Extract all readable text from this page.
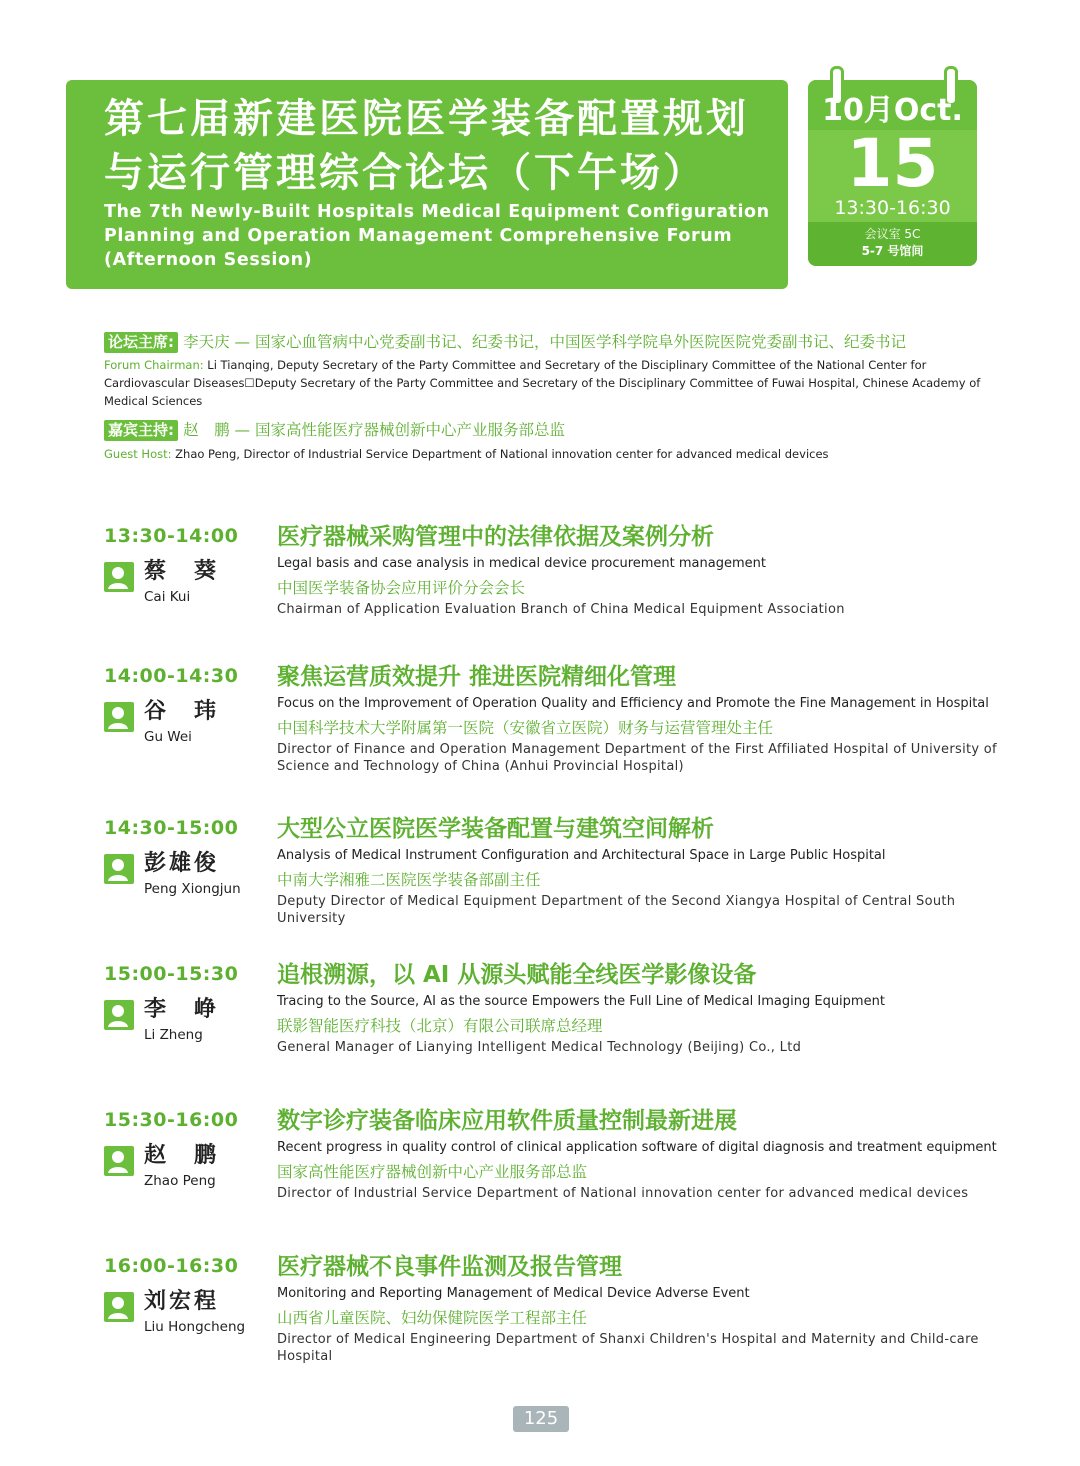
第七届新建医院医学装备配置规划与运行管理综合论坛（下午场）
The 7th Newly-Built Hospitals Medical Equipment Configuration Planning and Operation Management Comprehensive Forum (Afternoon Session)
10月Oct.
15
13:30-16:30
会议室 5C
5-7 号馆间
论坛主席: 李天庆 — 国家心血管病中心党委副书记、纪委书记，中国医学科学院阜外医院医院党委副书记、纪委书记
Forum Chairman: Li Tianqing, Deputy Secretary of the Party Committee and Secretary of the Disciplinary Committee of the National Center for Cardiovascular Diseases☐Deputy Secretary of the Party Committee and Secretary of the Disciplinary Committee of Fuwai Hospital, Chinese Academy of Medical Sciences
嘉宾主持: 赵　鹏 — 国家高性能医疗器械创新中心产业服务部总监
Guest Host: Zhao Peng, Director of Industrial Service Department of National innovation center for advanced medical devices
13:30-14:00
蔡　葵
Cai Kui
医疗器械采购管理中的法律依据及案例分析
Legal basis and case analysis in medical device procurement management
中国医学装备协会应用评价分会会长
Chairman of Application Evaluation Branch of China Medical Equipment Association
14:00-14:30
谷　玮
Gu Wei
聚焦运营质效提升 推进医院精细化管理
Focus on the Improvement of Operation Quality and Efficiency and Promote the Fine Management in Hospital
中国科学技术大学附属第一医院（安徽省立医院）财务与运营管理处主任
Director of Finance and Operation Management Department of the First Affiliated Hospital of University of Science and Technology of China (Anhui Provincial Hospital)
14:30-15:00
彭雄俊
Peng Xiongjun
大型公立医院医学装备配置与建筑空间解析
Analysis of Medical Instrument Configuration and Architectural Space in Large Public Hospital
中南大学湘雅二医院医学装备部副主任
Deputy Director of Medical Equipment Department of the Second Xiangya Hospital of Central South University
15:00-15:30
李　峥
Li Zheng
追根溯源，以 AI 从源头赋能全线医学影像设备
Tracing to the Source, AI as the source Empowers the Full Line of Medical Imaging Equipment
联影智能医疗科技（北京）有限公司联席总经理
General Manager of Lianying Intelligent Medical Technology (Beijing) Co., Ltd
15:30-16:00
赵　鹏
Zhao Peng
数字诊疗装备临床应用软件质量控制最新进展
Recent progress in quality control of clinical application software of digital diagnosis and treatment equipment
国家高性能医疗器械创新中心产业服务部总监
Director of Industrial Service Department of National innovation center for advanced medical devices
16:00-16:30
刘宏程
Liu Hongcheng
医疗器械不良事件监测及报告管理
Monitoring and Reporting Management of Medical Device Adverse Event
山西省儿童医院、妇幼保健院医学工程部主任
Director of Medical Engineering Department of Shanxi Children's Hospital and Maternity and Child-care Hospital
125
